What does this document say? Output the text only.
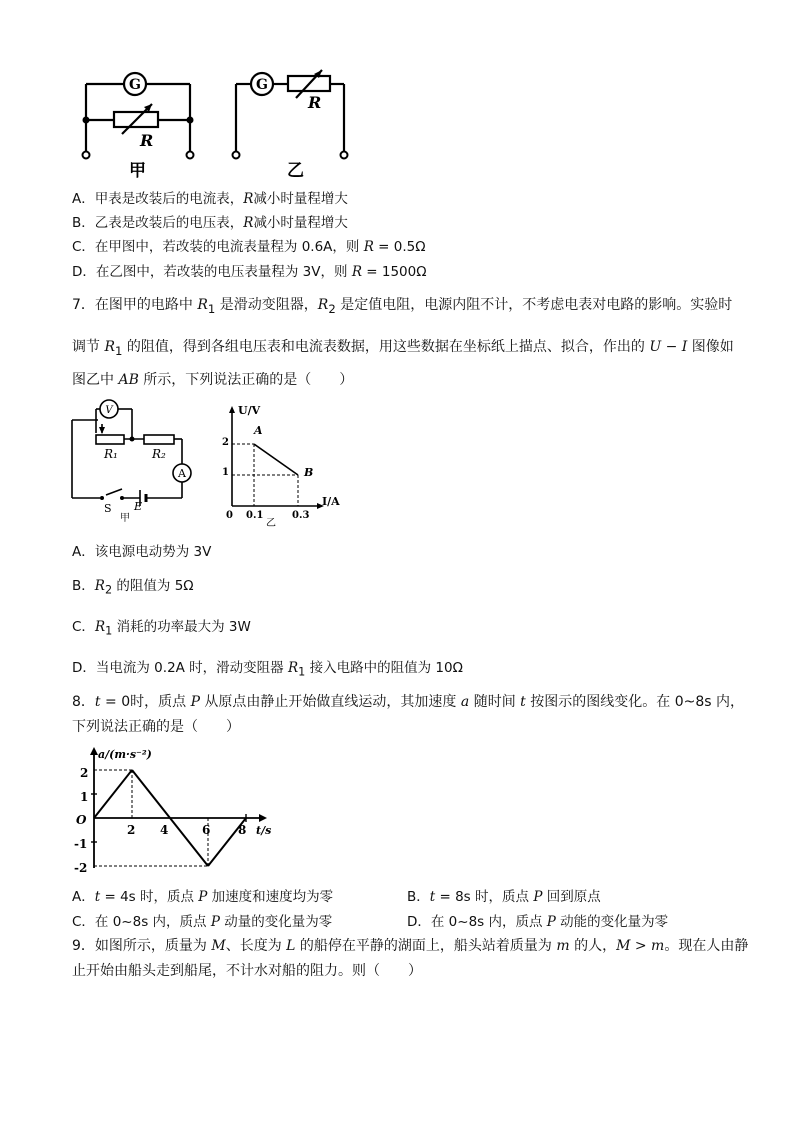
G	G
R
R
甲	乙
A．甲表是改装后的电流表，R减小时量程增大
B．乙表是改装后的电压表，R减小时量程增大
C．在甲图中，若改装的电流表量程为 0.6A，则 R = 0.5Ω
D．在乙图中，若改装的电压表量程为 3V，则 R = 1500Ω
7．在图甲的电路中 $R_1$ 是滑动变阻器，$R_2$ 是定值电阻，电源内阻不计，不考虑电表对电路的影响。实验时
调节 $R_1$ 的阻值，得到各组电压表和电流表数据，用这些数据在坐标纸上描点、拟合，作出的 U − I 图像如
图乙中 AB 所示，下列说法正确的是（　　）
V
A
R₁	R₂
S E
甲
U/V
I/A
0
2
1
0.1	0.3
A
B
乙
A．该电源电动势为 3V
B．$R_2$ 的阻值为 5Ω
C．$R_1$ 消耗的功率最大为 3W
D．当电流为 0.2A 时，滑动变阻器 $R_1$ 接入电路中的阻值为 10Ω
8．t = 0时，质点 P 从原点由静止开始做直线运动，其加速度 a 随时间 t 按图示的图线变化。在 0~8s 内，
下列说法正确的是（　　）
a/(m·s⁻²)
t/s
O
2
1
-1
-2
2 4	6 8
A．t = 4s 时，质点 P 加速度和速度均为零	B．t = 8s 时，质点 P 回到原点
C．在 0~8s 内，质点 P 动量的变化量为零	D．在 0~8s 内，质点 P 动能的变化量为零
9．如图所示，质量为 M、长度为 L 的船停在平静的湖面上，船头站着质量为 m 的人，M > m。现在人由静
止开始由船头走到船尾，不计水对船的阻力。则（　　）
